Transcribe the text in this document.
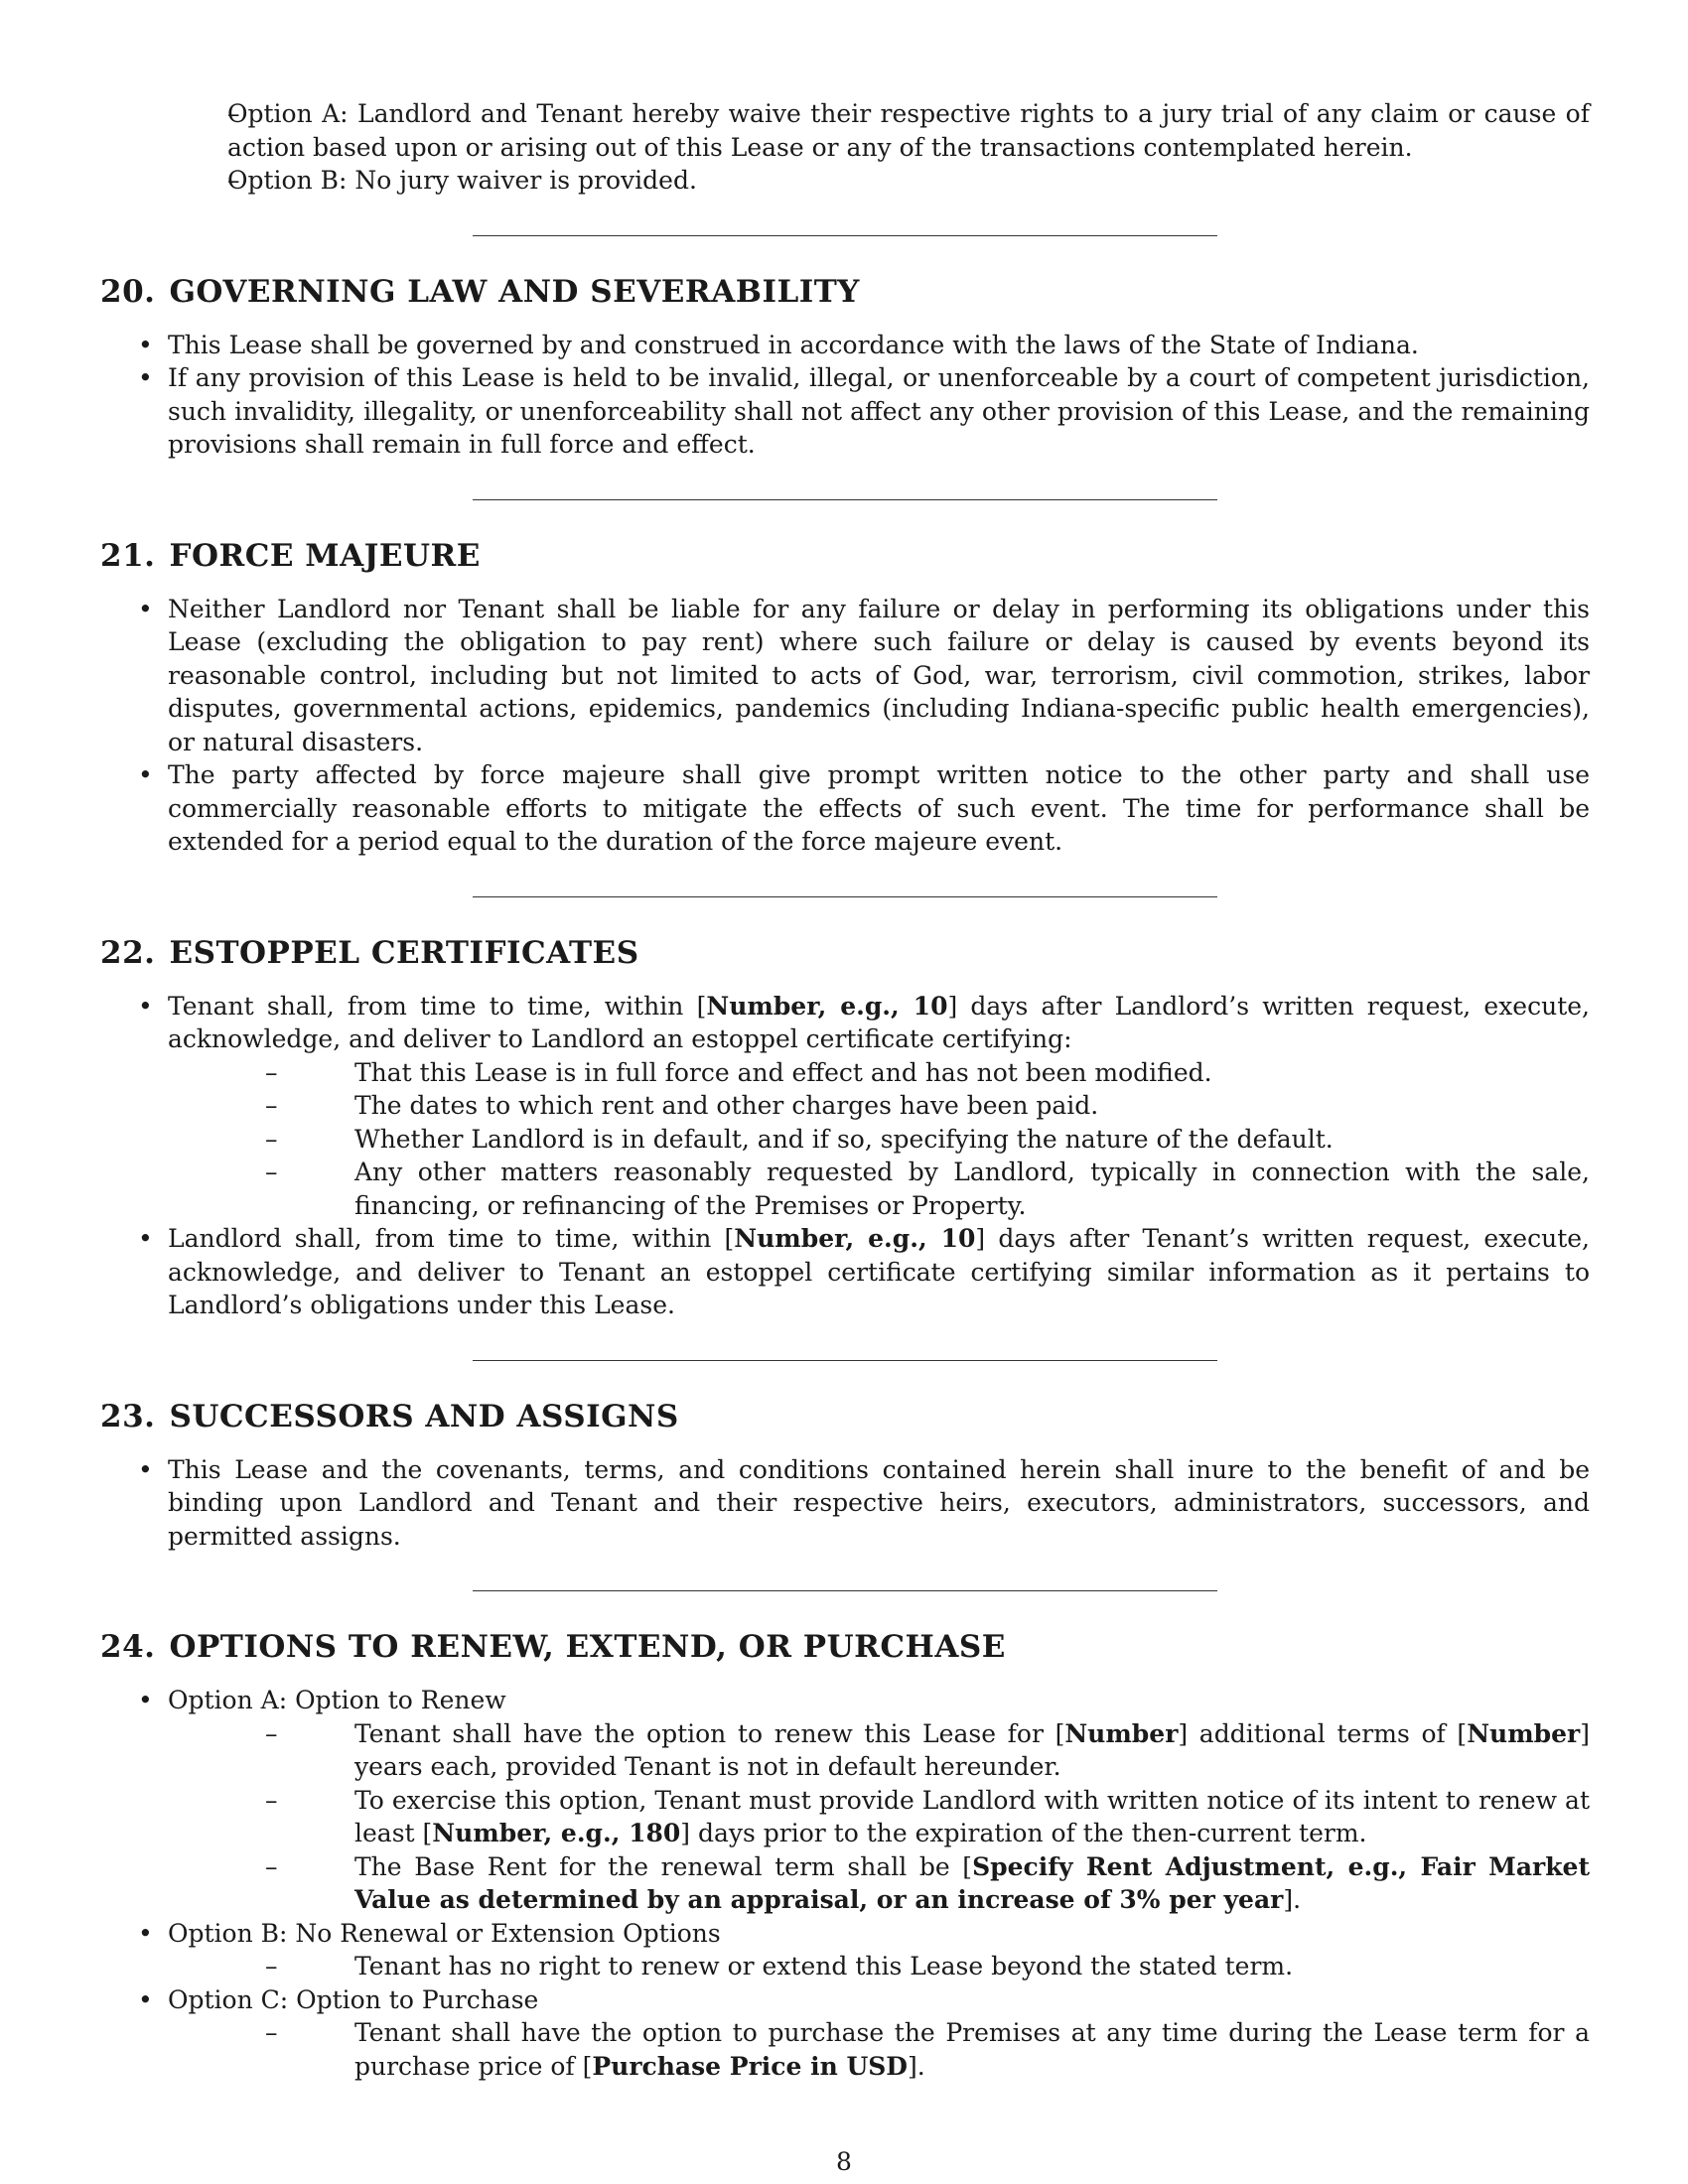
– Option A: Landlord and Tenant hereby waive their respective rights to a jury trial of any claim or cause of action based upon or arising out of this Lease or any of the transactions contemplated herein.
– Option B: No jury waiver is provided.
20. GOVERNING LAW AND SEVERABILITY
• This Lease shall be governed by and construed in accordance with the laws of the State of Indiana.
• If any provision of this Lease is held to be invalid, illegal, or unenforceable by a court of competent jurisdiction, such invalidity, illegality, or unenforceability shall not affect any other provision of this Lease, and the remaining provisions shall remain in full force and effect.
21. FORCE MAJEURE
• Neither Landlord nor Tenant shall be liable for any failure or delay in performing its obligations under this Lease (excluding the obligation to pay rent) where such failure or delay is caused by events beyond its reasonable control, including but not limited to acts of God, war, terrorism, civil commotion, strikes, labor disputes, governmental actions, epidemics, pandemics (including Indiana-specific public health emergencies), or natural disasters.
• The party affected by force majeure shall give prompt written notice to the other party and shall use commercially reasonable efforts to mitigate the effects of such event. The time for performance shall be extended for a period equal to the duration of the force majeure event.
22. ESTOPPEL CERTIFICATES
• Tenant shall, from time to time, within [Number, e.g., 10] days after Landlord’s written request, execute, acknowledge, and deliver to Landlord an estoppel certificate certifying:
– That this Lease is in full force and effect and has not been modified.
– The dates to which rent and other charges have been paid.
– Whether Landlord is in default, and if so, specifying the nature of the default.
– Any other matters reasonably requested by Landlord, typically in connection with the sale, financing, or refinancing of the Premises or Property.
• Landlord shall, from time to time, within [Number, e.g., 10] days after Tenant’s written request, execute, acknowledge, and deliver to Tenant an estoppel certificate certifying similar information as it pertains to Landlord’s obligations under this Lease.
23. SUCCESSORS AND ASSIGNS
• This Lease and the covenants, terms, and conditions contained herein shall inure to the benefit of and be binding upon Landlord and Tenant and their respective heirs, executors, administrators, successors, and permitted assigns.
24. OPTIONS TO RENEW, EXTEND, OR PURCHASE
• Option A: Option to Renew
– Tenant shall have the option to renew this Lease for [Number] additional terms of [Number] years each, provided Tenant is not in default hereunder.
– To exercise this option, Tenant must provide Landlord with written notice of its intent to renew at least [Number, e.g., 180] days prior to the expiration of the then-current term.
– The Base Rent for the renewal term shall be [Specify Rent Adjustment, e.g., Fair Market Value as determined by an appraisal, or an increase of 3% per year].
• Option B: No Renewal or Extension Options
– Tenant has no right to renew or extend this Lease beyond the stated term.
• Option C: Option to Purchase
– Tenant shall have the option to purchase the Premises at any time during the Lease term for a purchase price of [Purchase Price in USD].
8
